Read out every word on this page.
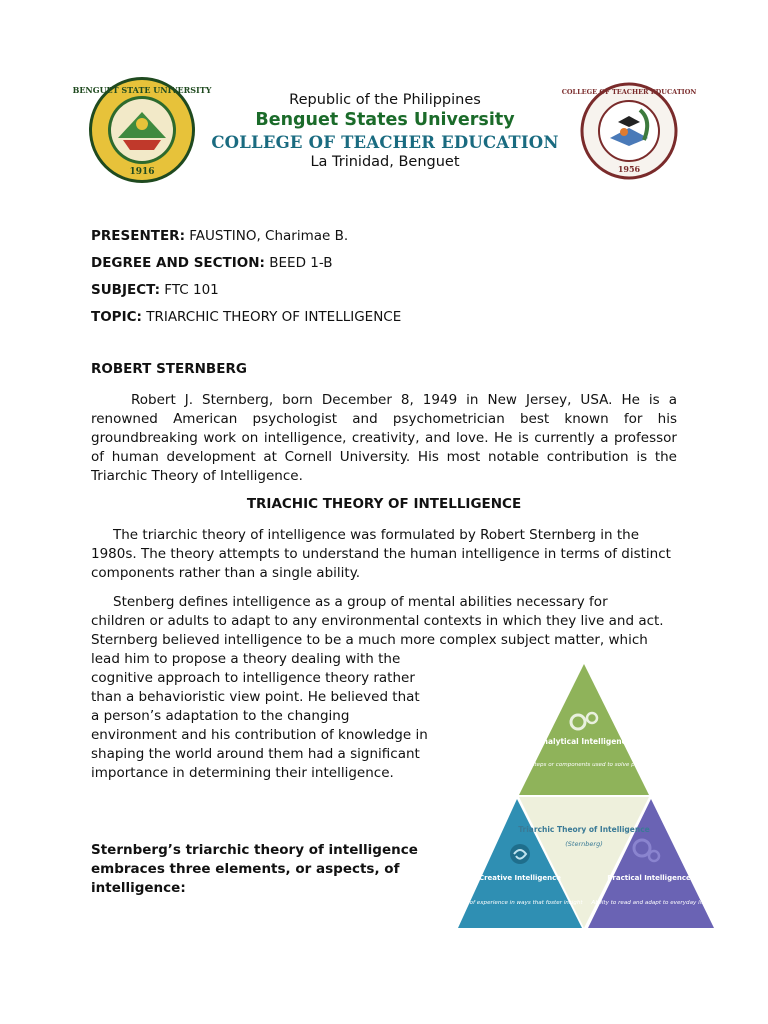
BENGUET STATE UNIVERSITY
1916
Republic of the Philippines
Benguet States University
COLLEGE OF TEACHER EDUCATION
La Trinidad, Benguet
COLLEGE OF TEACHER EDUCATION
1956
PRESENTER: FAUSTINO, Charimae B.
DEGREE AND SECTION: BEED 1-B
SUBJECT: FTC 101
TOPIC: TRIARCHIC THEORY OF INTELLIGENCE
ROBERT STERNBERG

Robert J. Sternberg, born December 8, 1949 in New Jersey, USA. He is a renowned American psychologist and psychometrician best known for his groundbreaking work on intelligence, creativity, and love. He is currently a professor of human development at Cornell University. His most notable contribution is the Triarchic Theory of Intelligence.

TRIACHIC THEORY OF INTELLIGENCE

The triarchic theory of intelligence was formulated by Robert Sternberg in the 1980s. The theory attempts to understand the human intelligence in terms of distinct components rather than a single ability.

Stenberg defines intelligence as a group of mental abilities necessary for
children or adults to adapt to any environmental contexts in which they live and act.
Sternberg believed intelligence to be a much more complex subject matter, which
lead him to propose a theory dealing with the cognitive approach to intelligence theory rather than a behavioristic view point. He believed that a person’s adaptation to the changing environment and his contribution of knowledge in shaping the world around them had a significant importance in determining their intelligence.
Sternberg’s triarchic theory of intelligence embraces three elements, or aspects, of intelligence:
Analytical Intelligence
Mental steps or components used to solve problems
Triarchic Theory of Intelligence
(Sternberg)
Creative Intelligence
Use of experience in ways that foster insight
Practical Intelligence
Ability to read and adapt to everyday life
